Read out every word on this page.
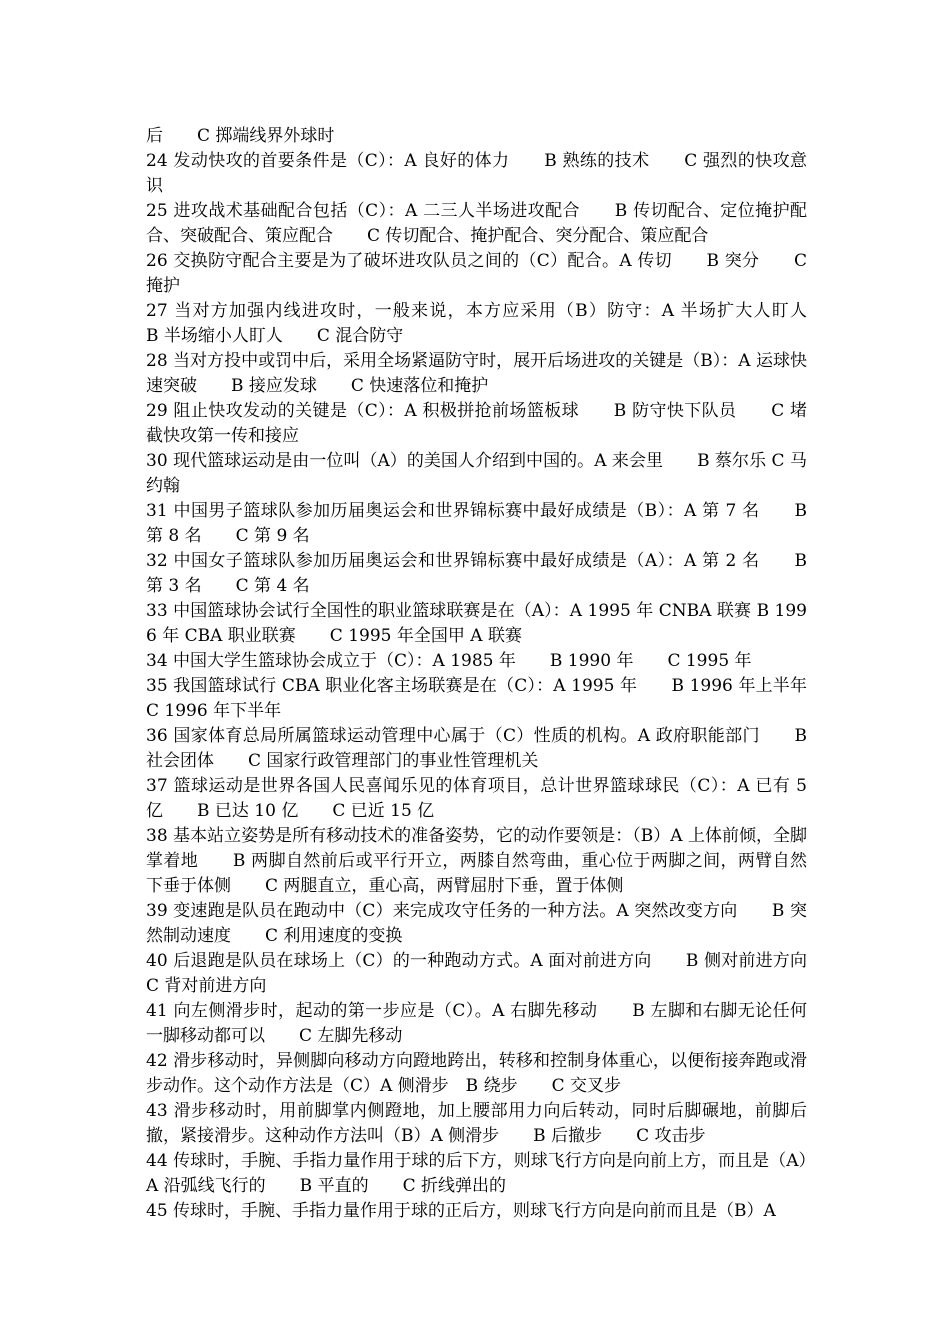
后　　C 掷端线界外球时

24 发动快攻的首要条件是（C）：A 良好的体力　　B 熟练的技术　　C 强烈的快攻意识

25 进攻战术基础配合包括（C）：A 二三人半场进攻配合　　B 传切配合、定位掩护配合、突破配合、策应配合　　C 传切配合、掩护配合、突分配合、策应配合

26 交换防守配合主要是为了破坏进攻队员之间的（C）配合。A 传切　　B 突分　　C 掩护

27 当对方加强内线进攻时，一般来说，本方应采用（B）防守：A 半场扩大人盯人　　B 半场缩小人盯人　　C 混合防守

28 当对方投中或罚中后，采用全场紧逼防守时，展开后场进攻的关键是（B）：A 运球快速突破　　B 接应发球　　C 快速落位和掩护

29 阻止快攻发动的关键是（C）：A 积极拼抢前场篮板球　　B 防守快下队员　　C 堵截快攻第一传和接应

30 现代篮球运动是由一位叫（A）的美国人介绍到中国的。A 来会里　　B 蔡尔乐 C 马约翰

31 中国男子篮球队参加历届奥运会和世界锦标赛中最好成绩是（B）：A 第 7 名　　B 第 8 名　　C 第 9 名

32 中国女子篮球队参加历届奥运会和世界锦标赛中最好成绩是（A）：A 第 2 名　　B 第 3 名　　C 第 4 名

33 中国篮球协会试行全国性的职业篮球联赛是在（A）：A 1995 年 CNBA 联赛 B 1996 年 CBA 职业联赛　　C 1995 年全国甲 A 联赛

34 中国大学生篮球协会成立于（C）：A 1985 年　　B 1990 年　　C 1995 年

35 我国篮球试行 CBA 职业化客主场联赛是在（C）：A 1995 年　　B 1996 年上半年　　C 1996 年下半年

36 国家体育总局所属篮球运动管理中心属于（C）性质的机构。A 政府职能部门　　B 社会团体　　C 国家行政管理部门的事业性管理机关

37 篮球运动是世界各国人民喜闻乐见的体育项目，总计世界篮球球民（C）：A 已有 5 亿　　B 已达 10 亿　　C 已近 15 亿

38 基本站立姿势是所有移动技术的准备姿势，它的动作要领是：（B）A 上体前倾，全脚掌着地　　B 两脚自然前后或平行开立，两膝自然弯曲，重心位于两脚之间，两臂自然下垂于体侧　　C 两腿直立，重心高，两臂屈肘下垂，置于体侧

39 变速跑是队员在跑动中（C）来完成攻守任务的一种方法。A 突然改变方向　　B 突然制动速度　　C 利用速度的变换

40 后退跑是队员在球场上（C）的一种跑动方式。A 面对前进方向　　B 侧对前进方向　　C 背对前进方向

41 向左侧滑步时，起动的第一步应是（C）。A 右脚先移动　　B 左脚和右脚无论任何一脚移动都可以　　C 左脚先移动

42 滑步移动时，异侧脚向移动方向蹬地跨出，转移和控制身体重心，以便衔接奔跑或滑步动作。这个动作方法是（C）A 侧滑步　B 绕步　　C 交叉步

43 滑步移动时，用前脚掌内侧蹬地，加上腰部用力向后转动，同时后脚碾地，前脚后撤，紧接滑步。这种动作方法叫（B）A 侧滑步　　B 后撤步　　C 攻击步

44 传球时，手腕、手指力量作用于球的后下方，则球飞行方向是向前上方，而且是（A）A 沿弧线飞行的　　B 平直的　　C 折线弹出的

45 传球时，手腕、手指力量作用于球的正后方，则球飞行方向是向前而且是（B）A
